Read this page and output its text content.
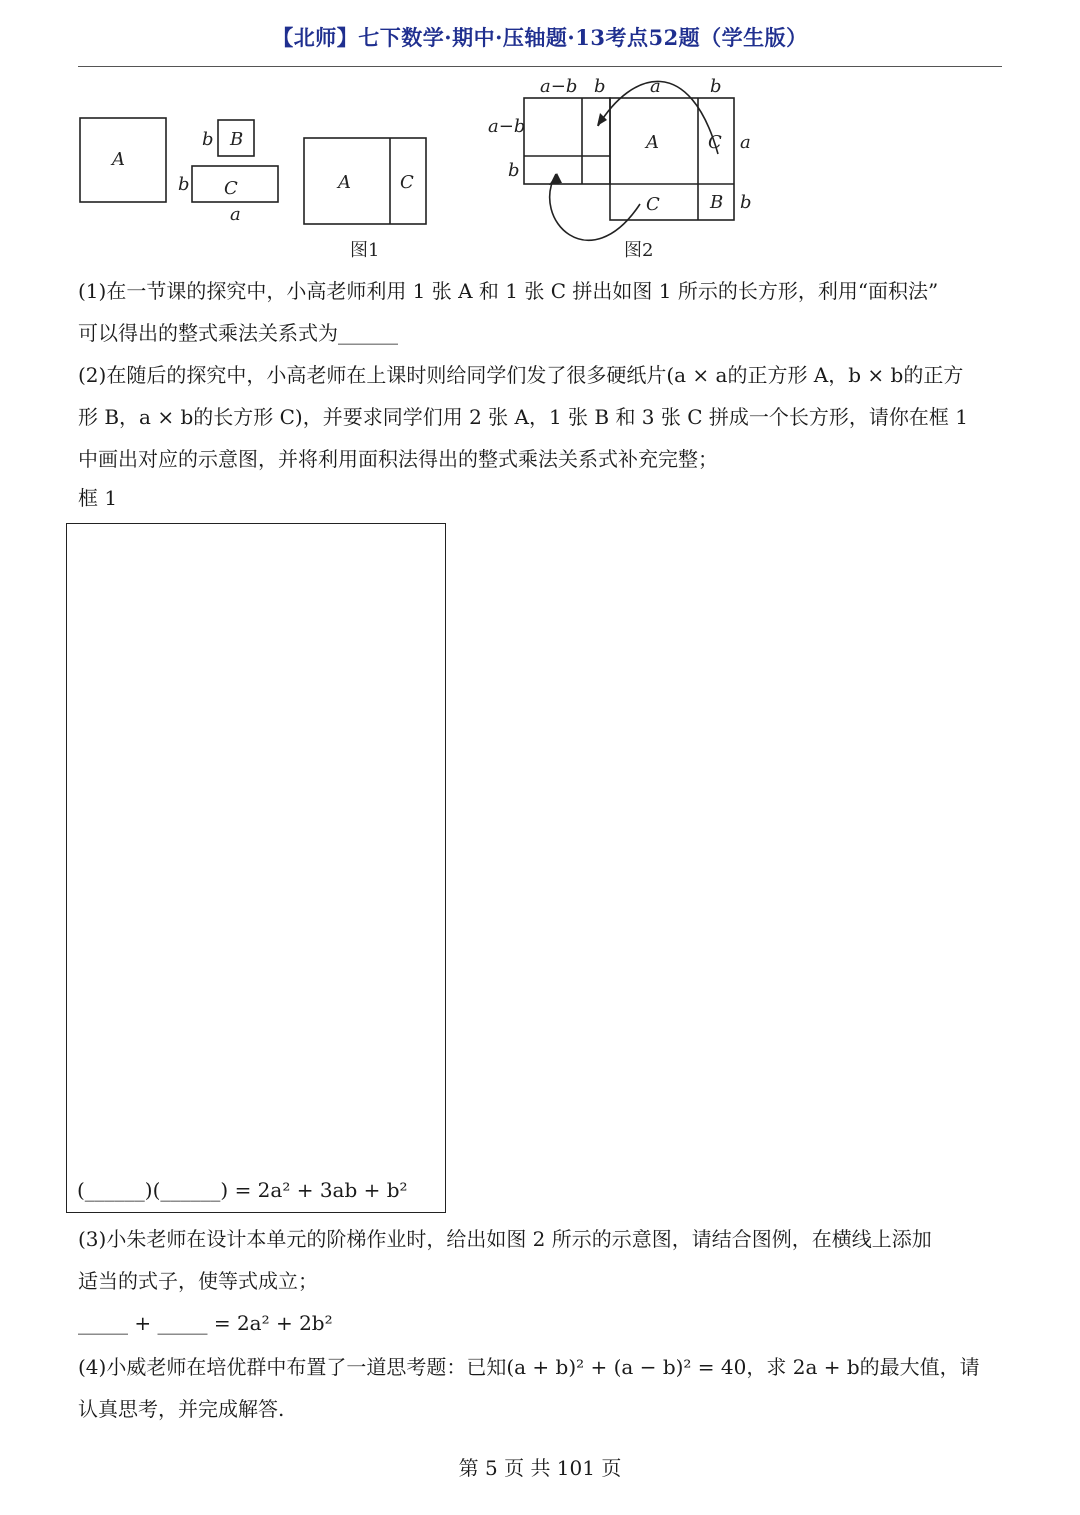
【北师】七下数学·期中·压轴题·13考点52题（学生版）
A
B
b
C
b
a
A	C
a−b b a	b
a−b
b
a
b
A	C
C	B
图1	图2
(1)在一节课的探究中，小高老师利用 1 张 A 和 1 张 C 拼出如图 1 所示的长方形，利用“面积法”
可以得出的整式乘法关系式为______
(2)在随后的探究中，小高老师在上课时则给同学们发了很多硬纸片(a × a的正方形 A，b × b的正方
形 B，a × b的长方形 C)，并要求同学们用 2 张 A，1 张 B 和 3 张 C 拼成一个长方形，请你在框 1
中画出对应的示意图，并将利用面积法得出的整式乘法关系式补充完整；
框 1
(______)(______) = 2a² + 3ab + b²
(3)小朱老师在设计本单元的阶梯作业时，给出如图 2 所示的示意图，请结合图例，在横线上添加
适当的式子，使等式成立；
_____ + _____ = 2a² + 2b²
(4)小威老师在培优群中布置了一道思考题：已知(a + b)² + (a − b)² = 40，求 2a + b的最大值，请
认真思考，并完成解答.
第 5 页 共 101 页
